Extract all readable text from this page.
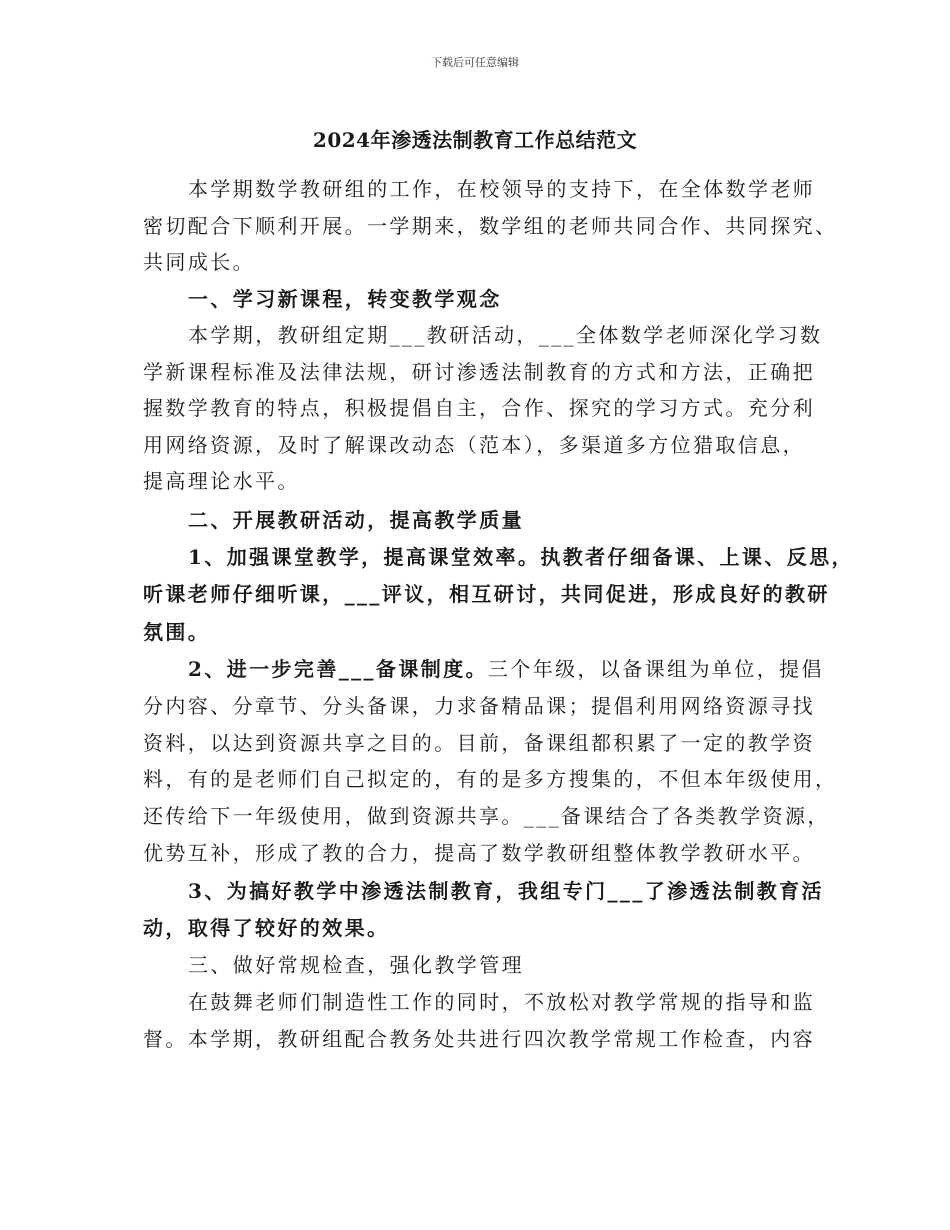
下载后可任意编辑
2024年渗透法制教育工作总结范文
本学期数学教研组的工作，在校领导的支持下，在全体数学老师
密切配合下顺利开展。一学期来，数学组的老师共同合作、共同探究、
共同成长。
一、学习新课程，转变教学观念
本学期，教研组定期___教研活动，___全体数学老师深化学习数
学新课程标准及法律法规，研讨渗透法制教育的方式和方法，正确把
握数学教育的特点，积极提倡自主，合作、探究的学习方式。充分利
用网络资源，及时了解课改动态（范本），多渠道多方位猎取信息，
提高理论水平。
二、开展教研活动，提高教学质量
1、加强课堂教学，提高课堂效率。执教者仔细备课、上课、反思，
听课老师仔细听课，___评议，相互研讨，共同促进，形成良好的教研
氛围。
2、进一步完善___备课制度。三个年级，以备课组为单位，提倡
分内容、分章节、分头备课，力求备精品课；提倡利用网络资源寻找
资料，以达到资源共享之目的。目前，备课组都积累了一定的教学资
料，有的是老师们自己拟定的，有的是多方搜集的，不但本年级使用，
还传给下一年级使用，做到资源共享。___备课结合了各类教学资源，
优势互补，形成了教的合力，提高了数学教研组整体教学教研水平。
3、为搞好教学中渗透法制教育，我组专门___了渗透法制教育活
动，取得了较好的效果。
三、做好常规检查，强化教学管理
在鼓舞老师们制造性工作的同时，不放松对教学常规的指导和监
督。本学期，教研组配合教务处共进行四次教学常规工作检查，内容
